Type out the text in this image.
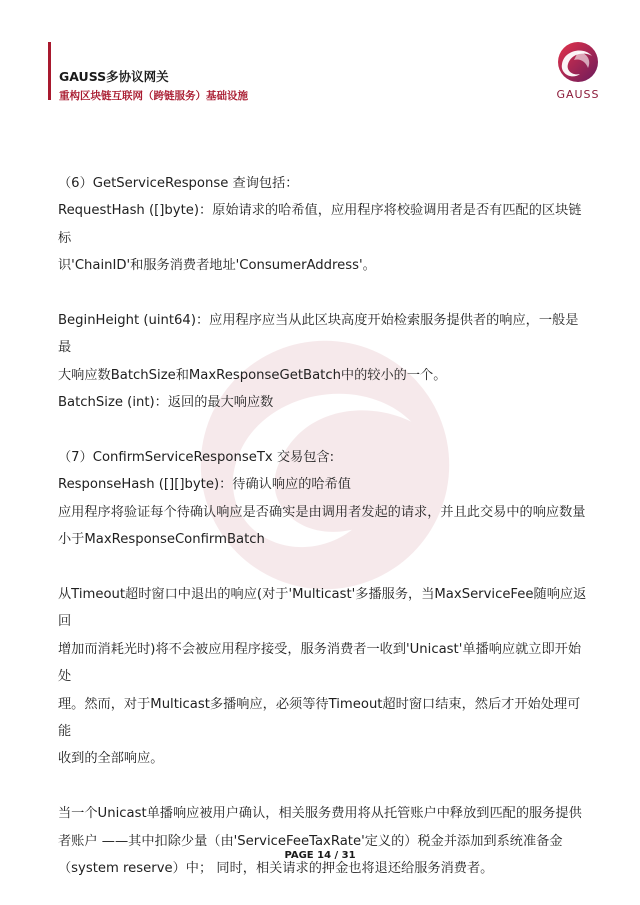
GAUSS多协议网关
重构区块链互联网（跨链服务）基础设施	GAUSS

（6）GetServiceResponse 查询包括：

RequestHash ([]byte)：原始请求的哈希值，应用程序将校验调用者是否有匹配的区块链标

识'ChainID'和服务消费者地址'ConsumerAddress'。

BeginHeight (uint64)：应用程序应当从此区块高度开始检索服务提供者的响应，一般是最

大响应数BatchSize和MaxResponseGetBatch中的较小的一个。

BatchSize (int)：返回的最大响应数

（7）ConfirmServiceResponseTx 交易包含:

ResponseHash ([][]byte)：待确认响应的哈希值

应用程序将验证每个待确认响应是否确实是由调用者发起的请求，并且此交易中的响应数量

小于MaxResponseConfirmBatch

从Timeout超时窗口中退出的响应(对于'Multicast'多播服务，当MaxServiceFee随响应返回

增加而消耗光时)将不会被应用程序接受，服务消费者一收到'Unicast'单播响应就立即开始处

理。然而，对于Multicast多播响应，必须等待Timeout超时窗口结束，然后才开始处理可能

收到的全部响应。

当一个Unicast单播响应被用户确认，相关服务费用将从托管账户中释放到匹配的服务提供

者账户 ——其中扣除少量（由'ServiceFeeTaxRate'定义的）税金并添加到系统准备金

（system reserve）中； 同时，相关请求的押金也将退还给服务消费者。

PAGE 14 / 31
